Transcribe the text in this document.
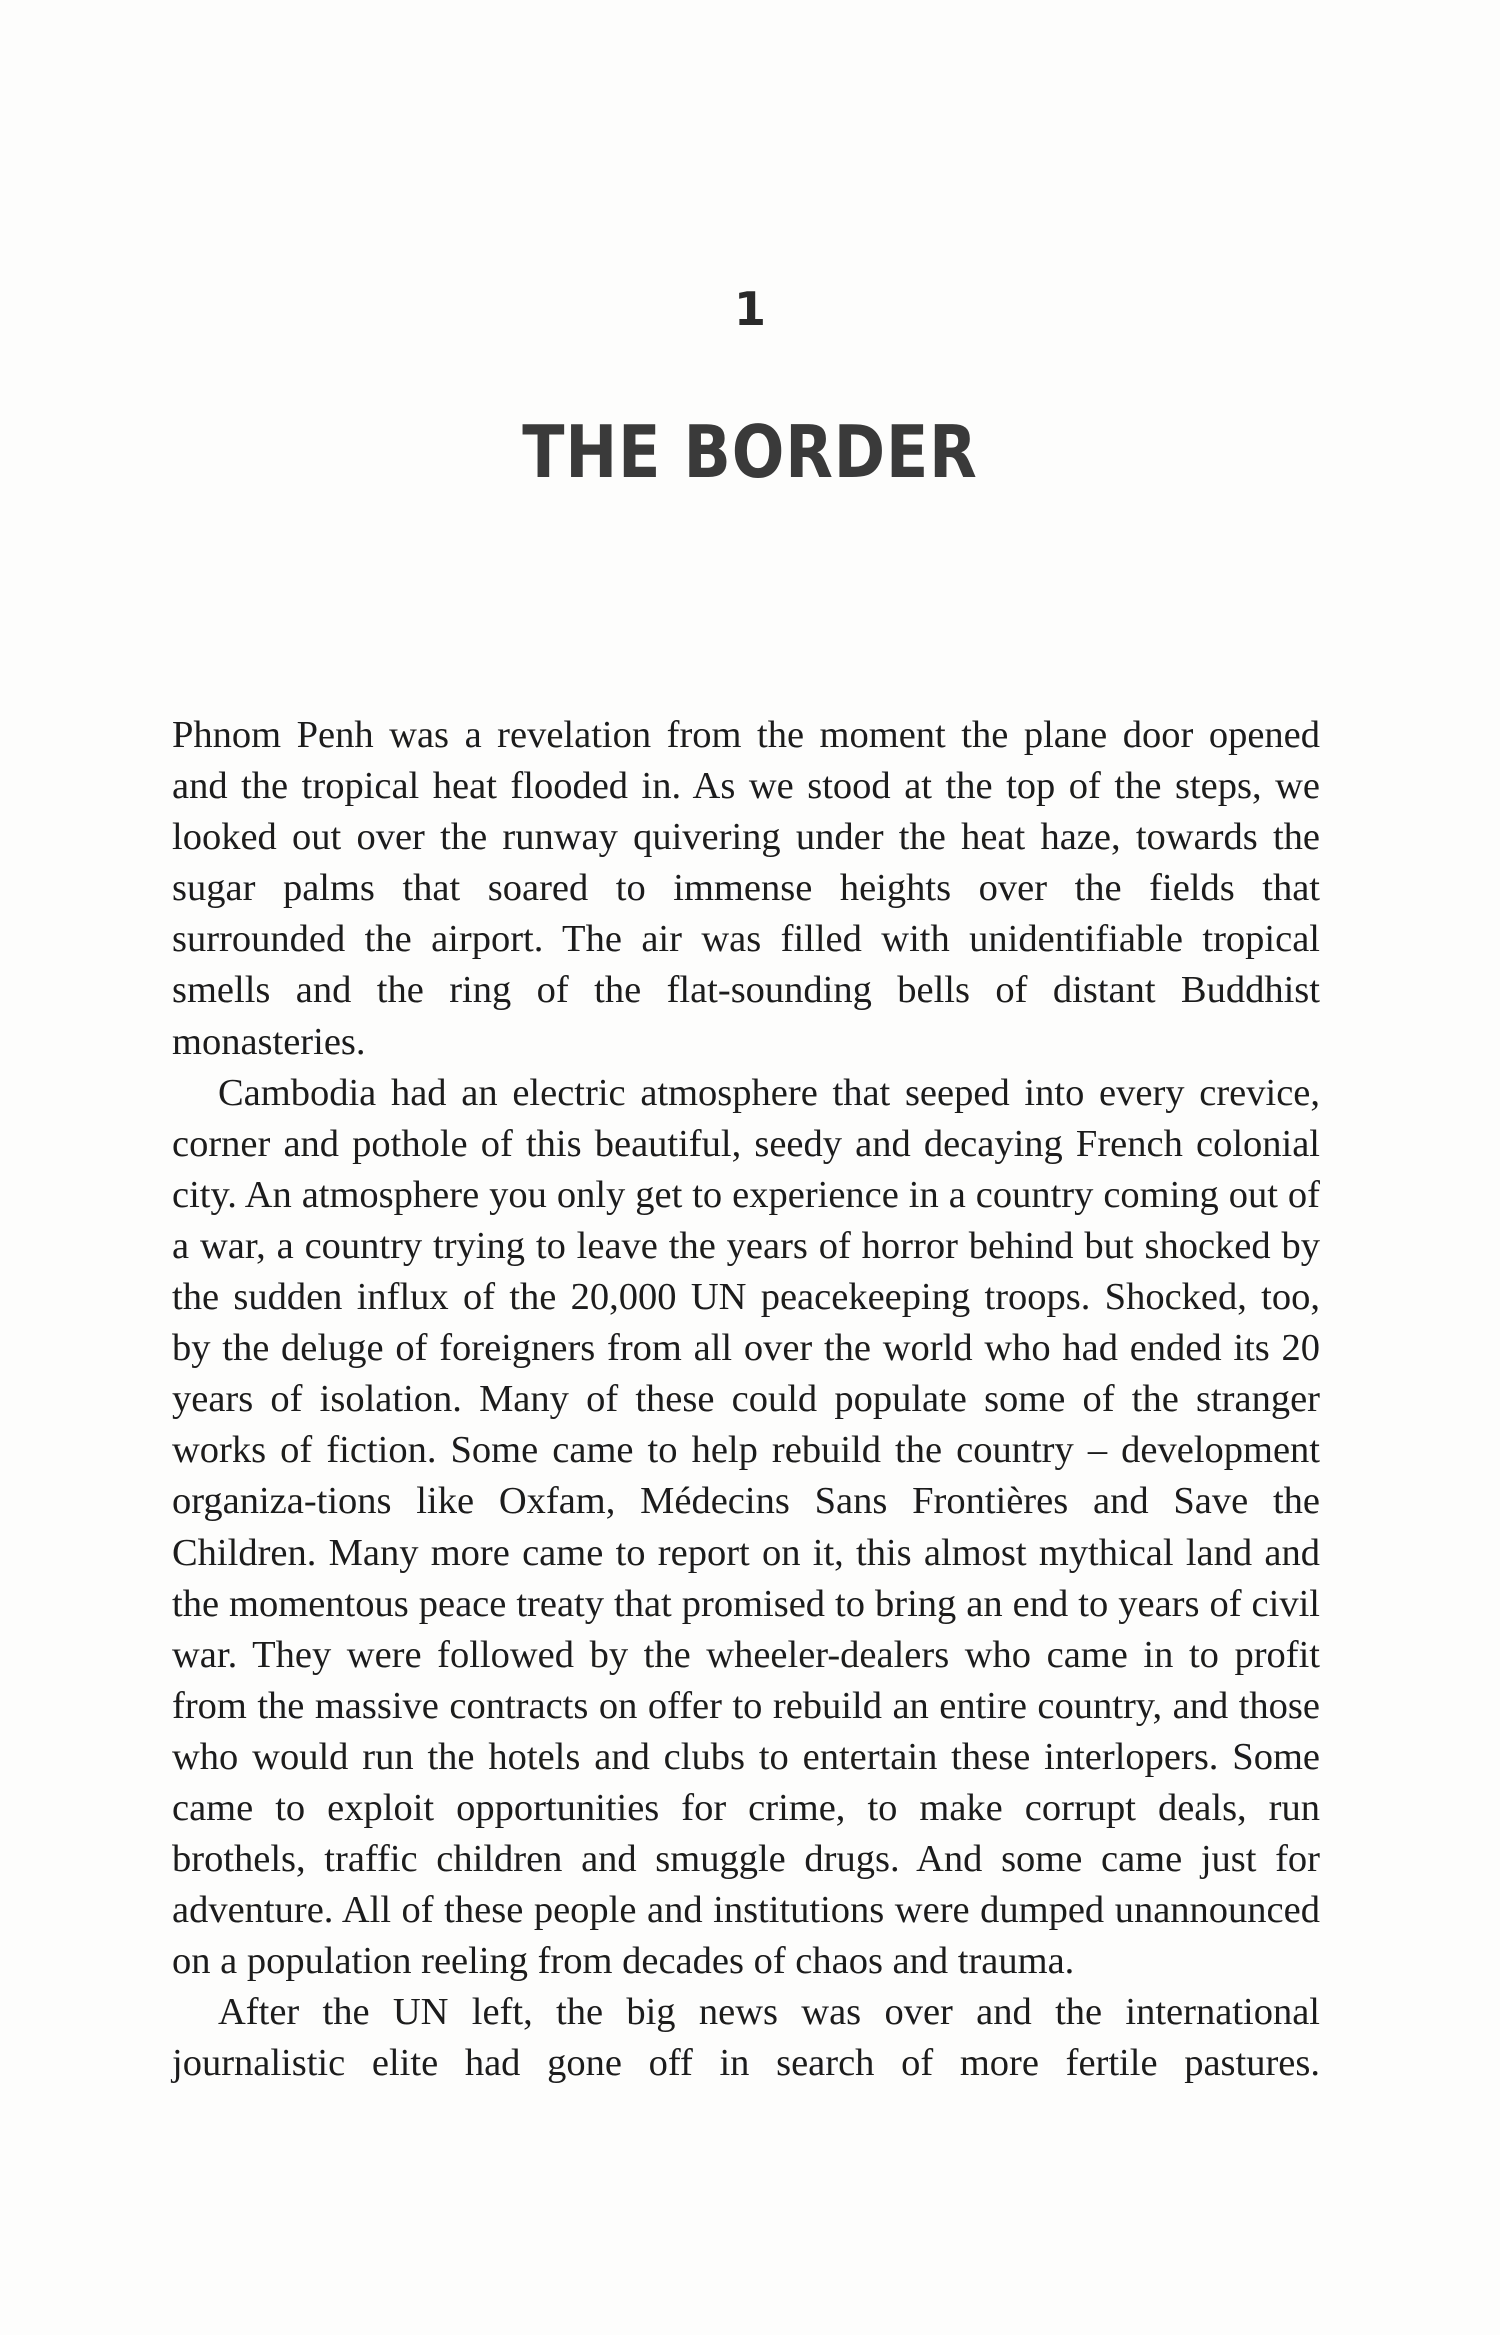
1
THE BORDER

Phnom Penh was a revelation from the moment the plane door opened and the tropical heat flooded in. As we stood at the top of the steps, we looked out over the runway quivering under the heat haze, towards the sugar palms that soared to immense heights over the fields that surrounded the airport. The air was filled with unidentifiable tropical smells and the ring of the flat-sounding bells of distant Buddhist monasteries.

Cambodia had an electric atmosphere that seeped into every crevice, corner and pothole of this beautiful, seedy and decaying French colonial city. An atmosphere you only get to experience in a country coming out of a war, a country trying to leave the years of horror behind but shocked by the sudden influx of the 20,000 UN peacekeeping troops. Shocked, too, by the deluge of foreigners from all over the world who had ended its 20 years of isolation. Many of these could populate some of the stranger works of fiction. Some came to help rebuild the country – development organiza-tions like Oxfam, Médecins Sans Frontières and Save the Children. Many more came to report on it, this almost mythical land and the momentous peace treaty that promised to bring an end to years of civil war. They were followed by the wheeler-dealers who came in to profit from the massive contracts on offer to rebuild an entire country, and those who would run the hotels and clubs to entertain these interlopers. Some came to exploit opportunities for crime, to make corrupt deals, run brothels, traffic children and smuggle drugs. And some came just for adventure. All of these people and institutions were dumped unannounced on a population reeling from decades of chaos and trauma.

After the UN left, the big news was over and the international journalistic elite had gone off in search of more fertile pastures.
